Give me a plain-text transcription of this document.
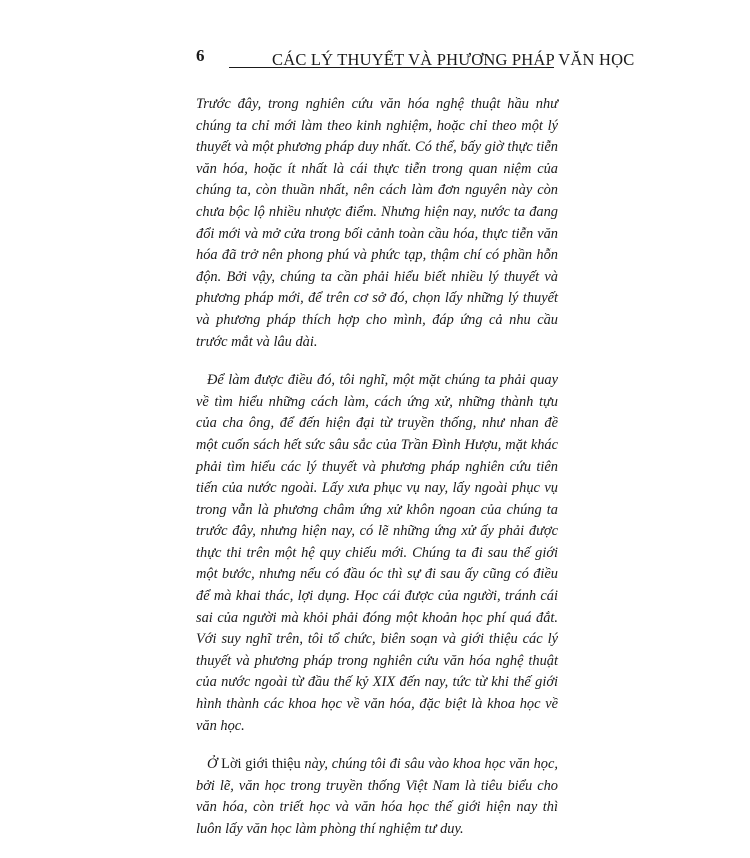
6	CÁC LÝ THUYẾT VÀ PHƯƠNG PHÁP VĂN HỌC

Trước đây, trong nghiên cứu văn hóa nghệ thuật hầu như chúng ta chỉ mới làm theo kinh nghiệm, hoặc chỉ theo một lý thuyết và một phương pháp duy nhất. Có thể, bấy giờ thực tiễn văn hóa, hoặc ít nhất là cái thực tiễn trong quan niệm của chúng ta, còn thuần nhất, nên cách làm đơn nguyên này còn chưa bộc lộ nhiều nhược điểm. Nhưng hiện nay, nước ta đang đổi mới và mở cửa trong bối cảnh toàn cầu hóa, thực tiễn văn hóa đã trở nên phong phú và phức tạp, thậm chí có phần hỗn độn. Bởi vậy, chúng ta cần phải hiểu biết nhiều lý thuyết và phương pháp mới, để trên cơ sở đó, chọn lấy những lý thuyết và phương pháp thích hợp cho mình, đáp ứng cả nhu cầu trước mắt và lâu dài.

Để làm được điều đó, tôi nghĩ, một mặt chúng ta phải quay về tìm hiểu những cách làm, cách ứng xử, những thành tựu của cha ông, để đến hiện đại từ truyền thống, như nhan đề một cuốn sách hết sức sâu sắc của Trần Đình Hượu, mặt khác phải tìm hiểu các lý thuyết và phương pháp nghiên cứu tiên tiến của nước ngoài. Lấy xưa phục vụ nay, lấy ngoài phục vụ trong vẫn là phương châm ứng xử khôn ngoan của chúng ta trước đây, nhưng hiện nay, có lẽ những ứng xử ấy phải được thực thi trên một hệ quy chiếu mới. Chúng ta đi sau thế giới một bước, nhưng nếu có đầu óc thì sự đi sau ấy cũng có điều để mà khai thác, lợi dụng. Học cái được của người, tránh cái sai của người mà khỏi phải đóng một khoản học phí quá đắt. Với suy nghĩ trên, tôi tổ chức, biên soạn và giới thiệu các lý thuyết và phương pháp trong nghiên cứu văn hóa nghệ thuật của nước ngoài từ đầu thế kỷ XIX đến nay, tức từ khi thế giới hình thành các khoa học về văn hóa, đặc biệt là khoa học về văn học.

Ở Lời giới thiệu này, chúng tôi đi sâu vào khoa học văn học, bởi lẽ, văn học trong truyền thống Việt Nam là tiêu biểu cho văn hóa, còn triết học và văn hóa học thế giới hiện nay thì luôn lấy văn học làm phòng thí nghiệm tư duy.
